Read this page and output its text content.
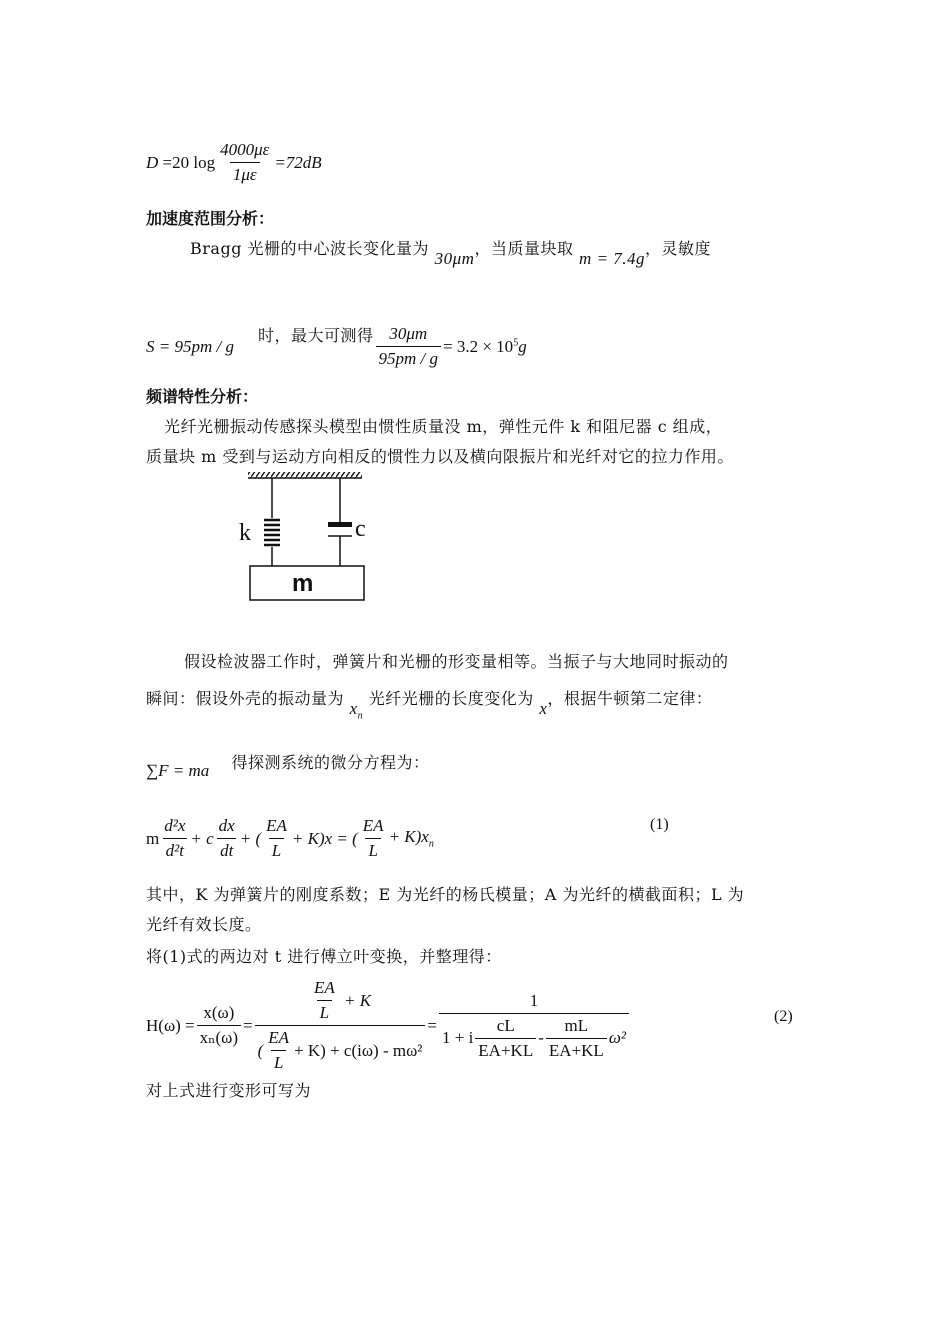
D
=20 $\log \frac{4000\mu\varepsilon}{1\mu\varepsilon} =72dB$
加速度范围分析：
Bragg 光栅的中心波长变化量为 30μm，当质量块取 m = 7.4g，灵敏度
S = 95pm / g
时，最大可测得 $\frac{30\mu m}{95pm / g} = 3.2 \times 10^5g$
频谱特性分析：
光纤光栅振动传感探头模型由惯性质量没 m，弹性元件 k 和阻尼器 c 组成，
质量块 m 受到与运动方向相反的惯性力以及横向限振片和光纤对它的拉力作用。
k	c
m
假设检波器工作时，弹簧片和光栅的形变量相等。当振子与大地同时振动的
瞬间：假设外壳的振动量为 $x_n$ 光纤光栅的长度变化为 x，根据牛顿第二定律：
∑F = ma 得探测系统的微分方程为：
m $\frac{\text{d²x}}{\text{d²t}} + c \frac{dx}{dt}$ + ( $\frac{EA}{L} + K)x$ = ( $\frac{EA}{L} + K)x_n$
(1)
其中，K 为弹簧片的刚度系数；E 为光纤的杨氏模量；A 为光纤的横截面积；L 为
光纤有效长度。
将(1)式的两边对 t 进行傅立叶变换，并整理得：
$H(\omega) = \frac{x(\omega)}{\text{xₙ(ω)}} = \frac{EA}{L}$
+ K
( $\frac{EA}{L} + K) + c(i\omega) - m\omega^2 = \frac{1}{1 + i \frac{cL}{EA+KL} - \frac{mL}{EA+KL} \omega^2}$	(2)
对上式进行变形可写为
